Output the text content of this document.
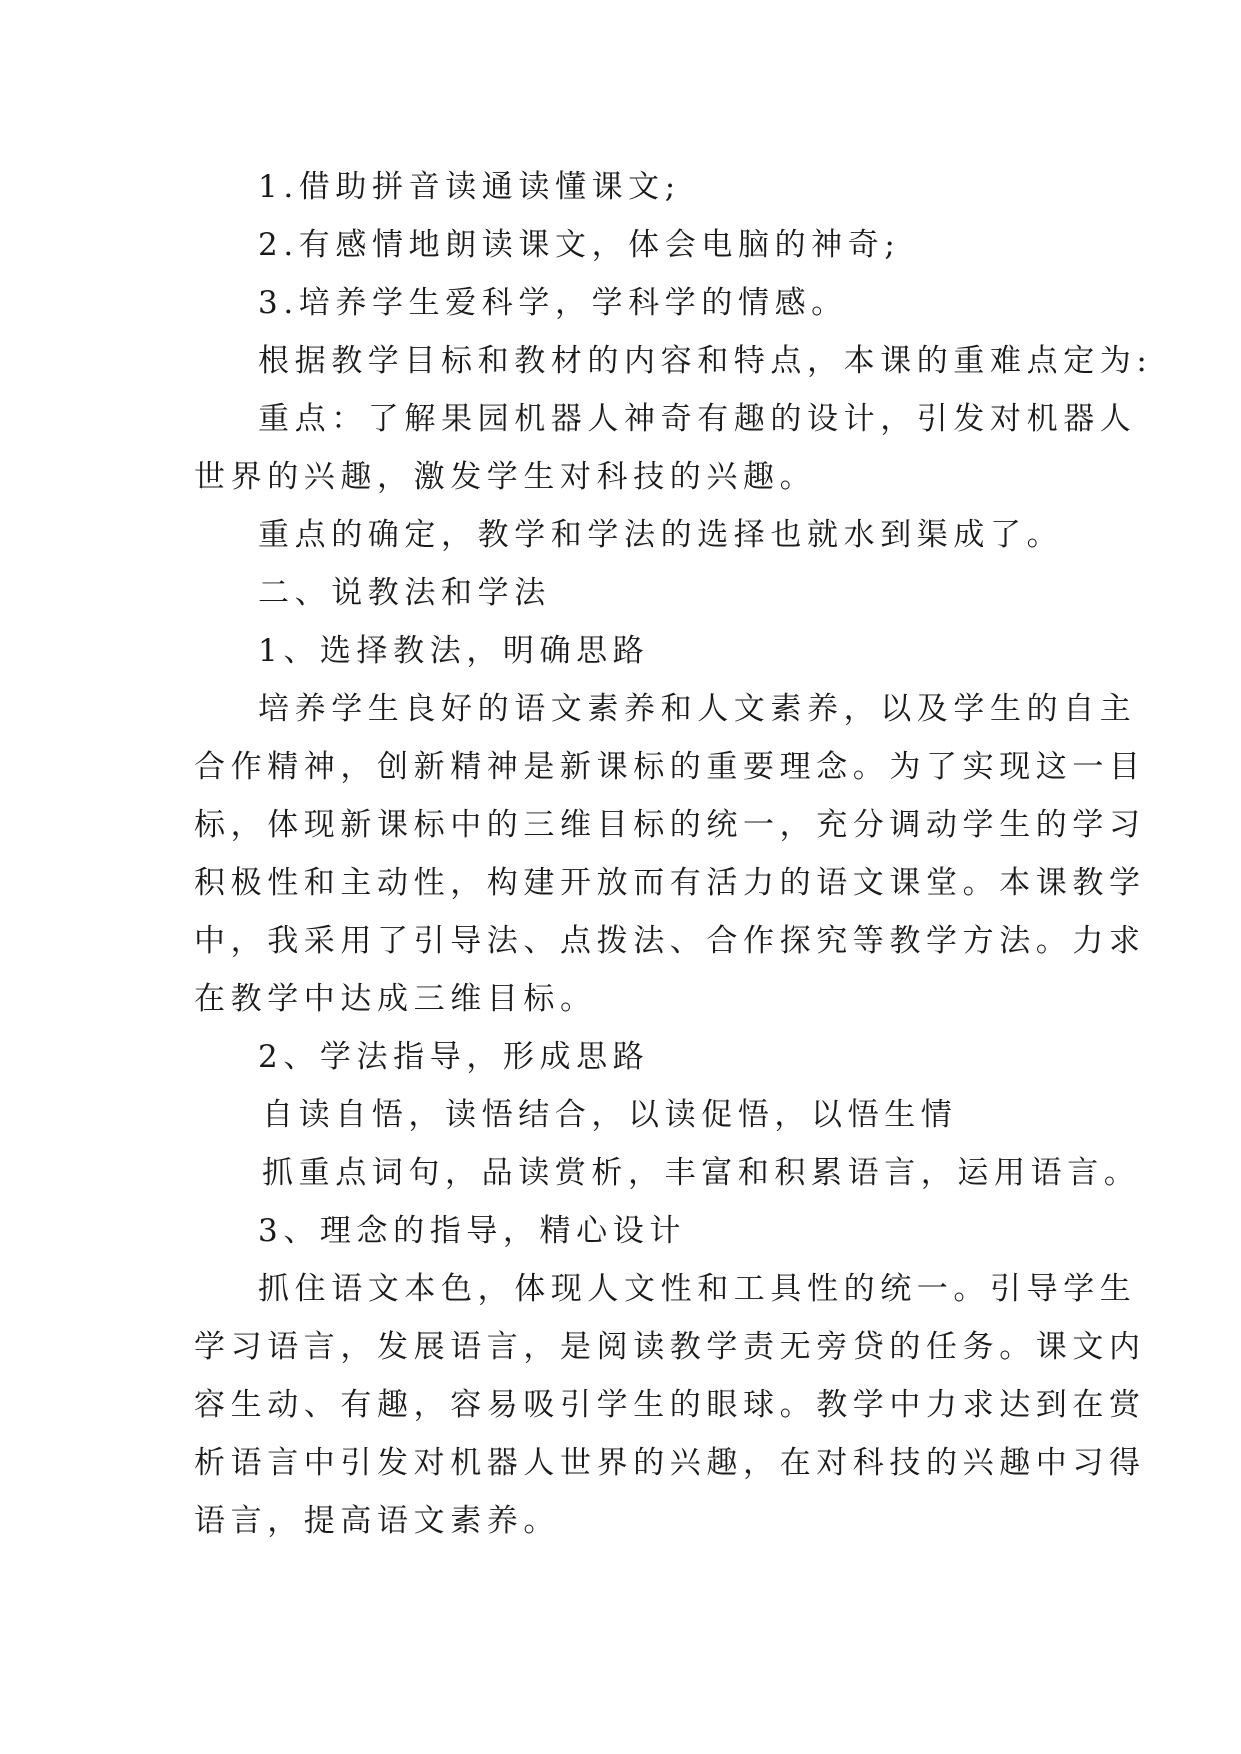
1.借助拼音读通读懂课文;
2.有感情地朗读课文，体会电脑的神奇;
3.培养学生爱科学，学科学的情感。
根据教学目标和教材的内容和特点，本课的重难点定为:
重点：了解果园机器人神奇有趣的设计，引发对机器人
世界的兴趣，激发学生对科技的兴趣。
重点的确定，教学和学法的选择也就水到渠成了。
二、说教法和学法
1、选择教法，明确思路
培养学生良好的语文素养和人文素养，以及学生的自主
合作精神，创新精神是新课标的重要理念。为了实现这一目
标，体现新课标中的三维目标的统一，充分调动学生的学习
积极性和主动性，构建开放而有活力的语文课堂。本课教学
中，我采用了引导法、点拨法、合作探究等教学方法。力求
在教学中达成三维目标。
2、学法指导，形成思路
自读自悟，读悟结合，以读促悟，以悟生情
抓重点词句，品读赏析，丰富和积累语言，运用语言。
3、理念的指导，精心设计
抓住语文本色，体现人文性和工具性的统一。引导学生
学习语言，发展语言，是阅读教学责无旁贷的任务。课文内
容生动、有趣，容易吸引学生的眼球。教学中力求达到在赏
析语言中引发对机器人世界的兴趣，在对科技的兴趣中习得
语言，提高语文素养。
